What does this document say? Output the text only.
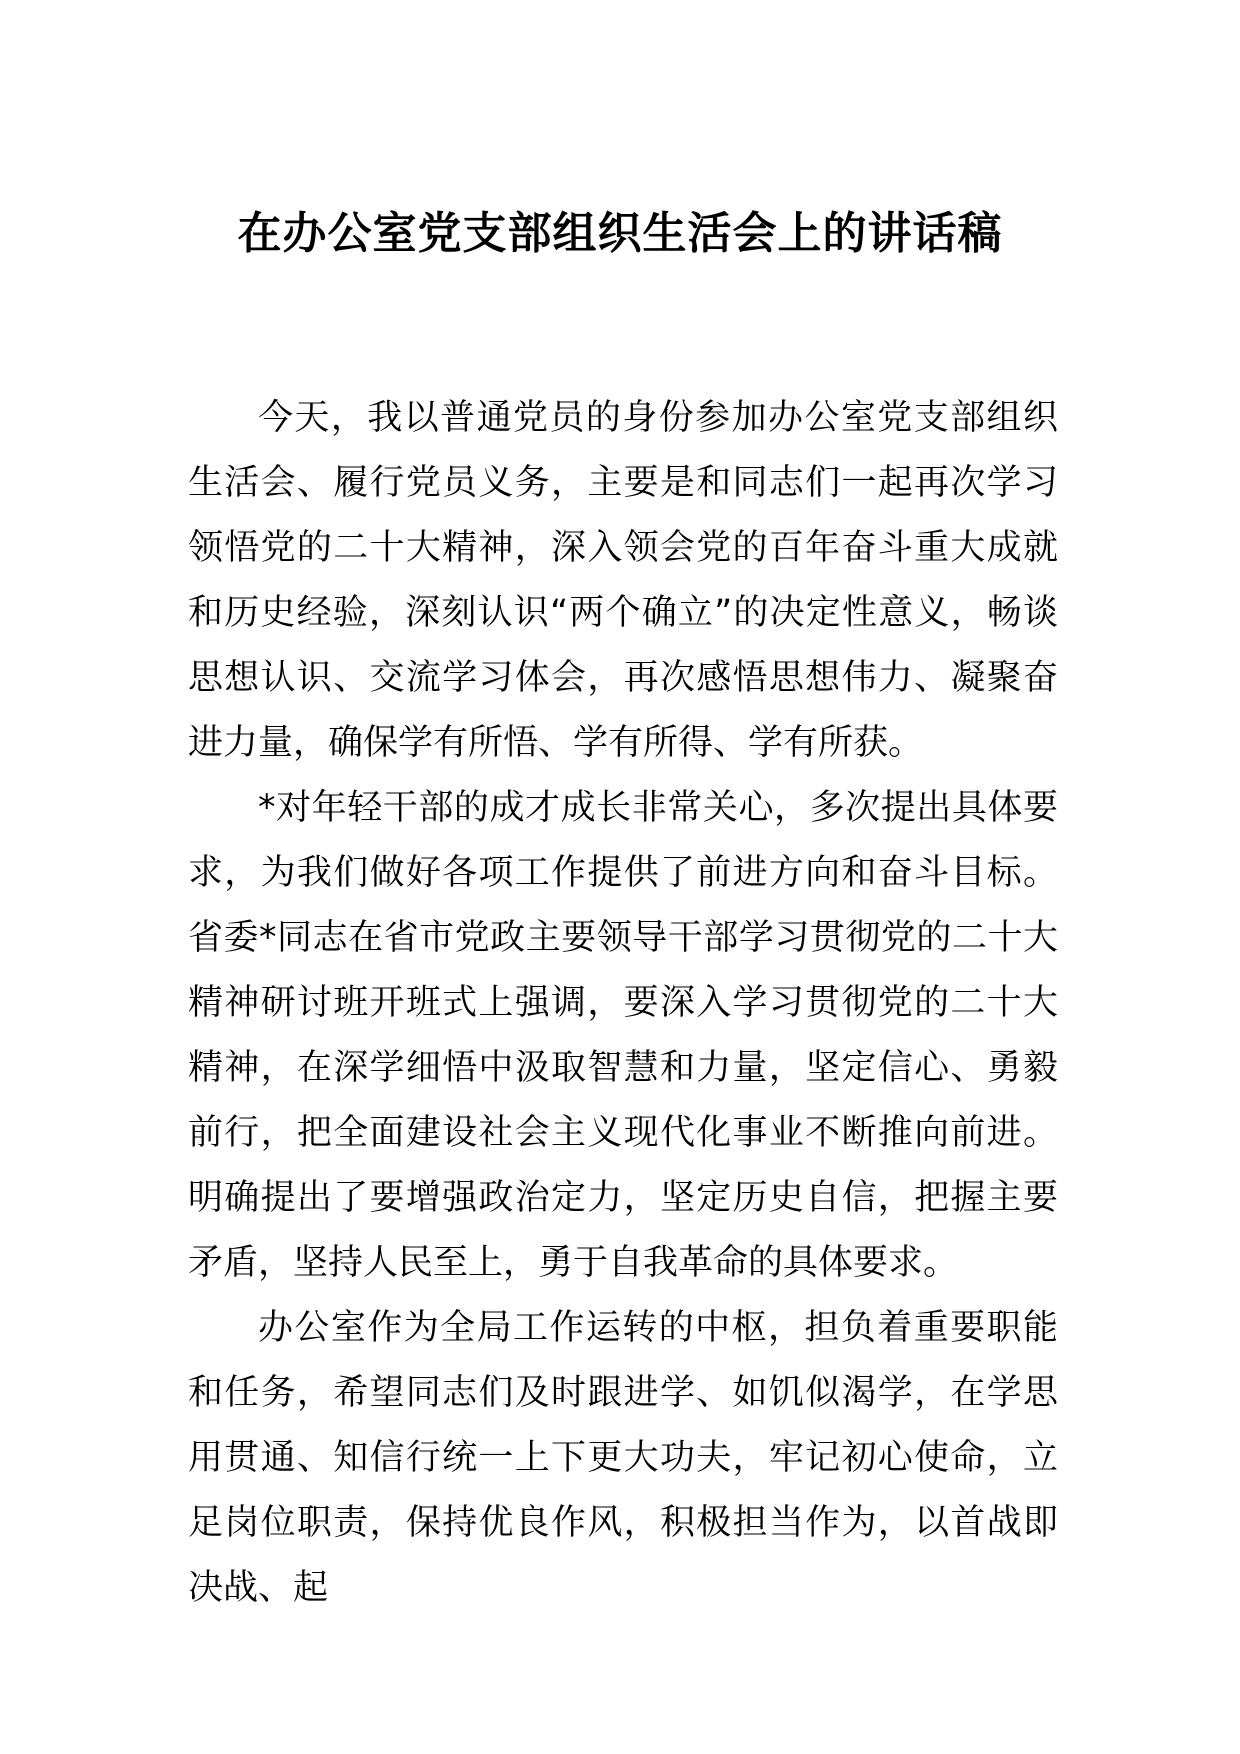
在办公室党支部组织生活会上的讲话稿

今天，我以普通党员的身份参加办公室党支部组织生活会、履行党员义务，主要是和同志们一起再次学习领悟党的二十大精神，深入领会党的百年奋斗重大成就和历史经验，深刻认识“两个确立”的决定性意义，畅谈思想认识、交流学习体会，再次感悟思想伟力、凝聚奋进力量，确保学有所悟、学有所得、学有所获。

*对年轻干部的成才成长非常关心，多次提出具体要求，为我们做好各项工作提供了前进方向和奋斗目标。省委*同志在省市党政主要领导干部学习贯彻党的二十大精神研讨班开班式上强调，要深入学习贯彻党的二十大精神，在深学细悟中汲取智慧和力量，坚定信心、勇毅前行，把全面建设社会主义现代化事业不断推向前进。明确提出了要增强政治定力，坚定历史自信，把握主要矛盾，坚持人民至上，勇于自我革命的具体要求。

办公室作为全局工作运转的中枢，担负着重要职能和任务，希望同志们及时跟进学、如饥似渴学，在学思用贯通、知信行统一上下更大功夫，牢记初心使命，立足岗位职责，保持优良作风，积极担当作为，以首战即决战、起
